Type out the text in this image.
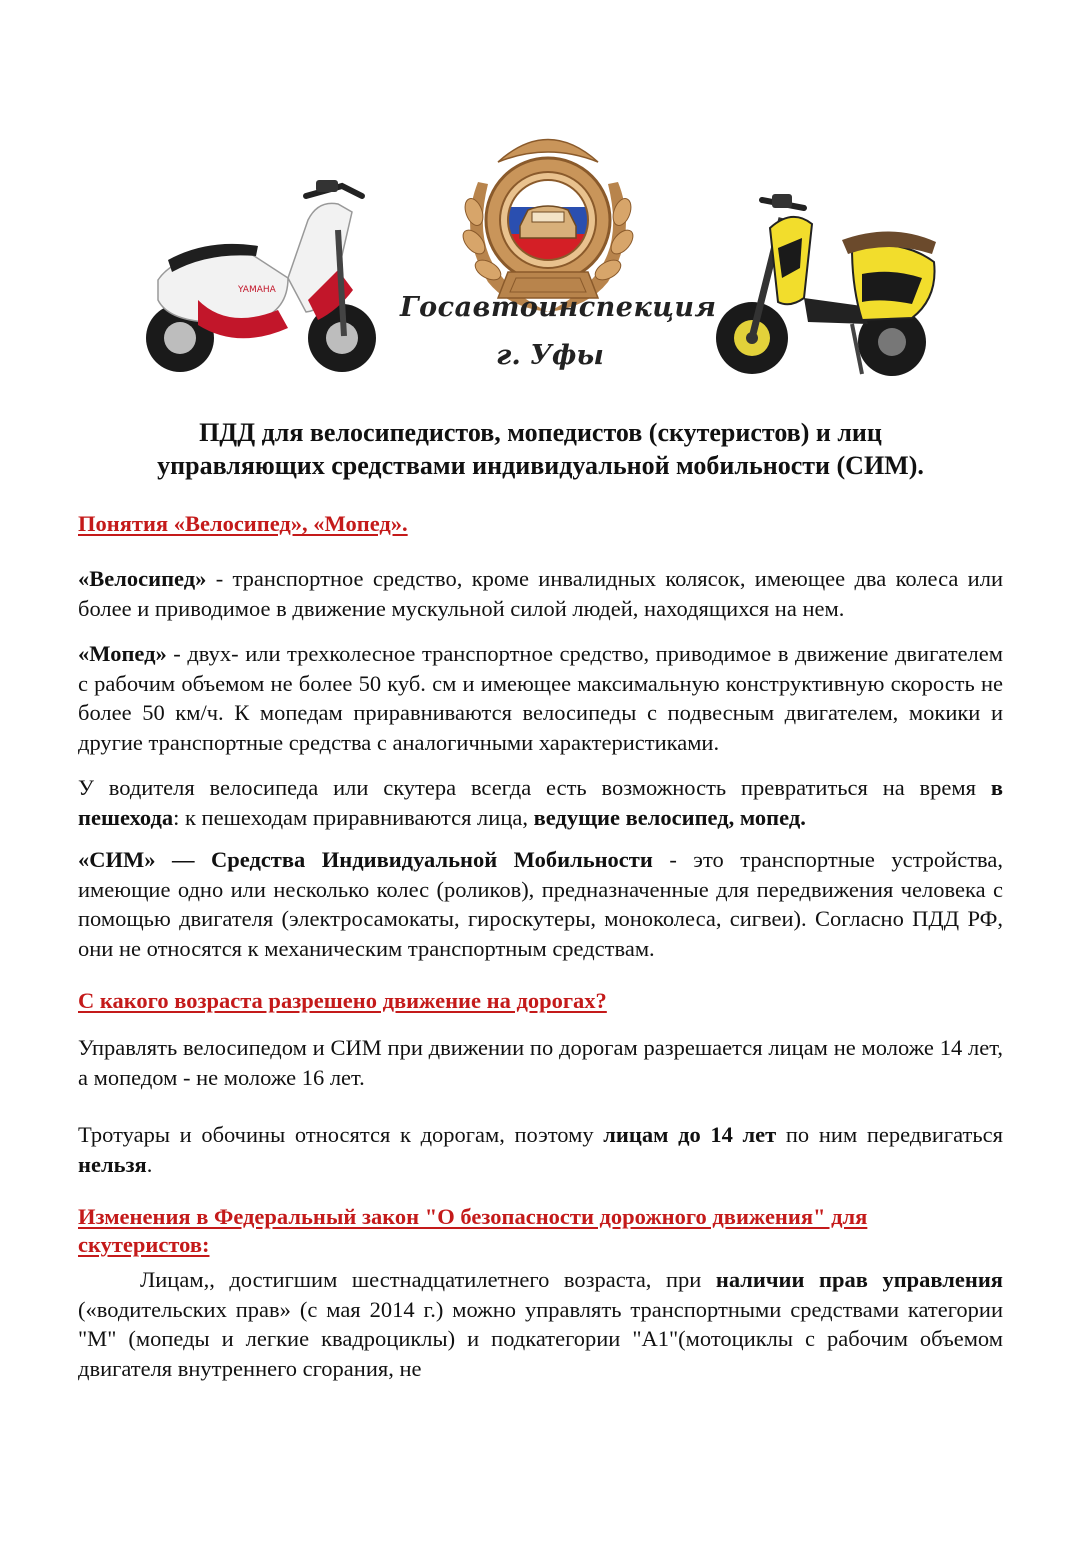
YAMAHA
Госавтоинспекция
г. Уфы
ПДД для велосипедистов, мопедистов (скутеристов) и лиц
управляющих средствами индивидуальной мобильности (СИМ).
Понятия «Велосипед», «Мопед».

«Велосипед» - транспортное средство, кроме инвалидных колясок, имеющее два колеса или более и приводимое в движение мускульной силой людей, находящихся на нем.

«Мопед» - двух- или трехколесное транспортное средство, приводимое в движение двигателем с рабочим объемом не более 50 куб. см и имеющее максимальную конструктивную скорость не более 50 км/ч. К мопедам приравниваются велосипеды с подвесным двигателем, мокики и другие транспортные средства с аналогичными характеристиками.

У водителя велосипеда или скутера всегда есть возможность превратиться на время в пешехода: к пешеходам приравниваются лица, ведущие велосипед, мопед.

«СИМ» — Средства Индивидуальной Мобильности - это транспортные устройства, имеющие одно или несколько колес (роликов), предназначенные для передвижения человека с помощью двигателя (электросамокаты, гироскутеры, моноколеса, сигвеи). Согласно ПДД РФ, они не относятся к механическим транспортным средствам.

С какого возраста разрешено движение на дорогах?

Управлять велосипедом и СИМ при движении по дорогам разрешается лицам не моложе 14 лет, а мопедом - не моложе 16 лет.

Тротуары и обочины относятся к дорогам, поэтому лицам до 14 лет по ним передвигаться нельзя.

Изменения в Федеральный закон "О безопасности дорожного движения" для скутеристов:

Лицам,, достигшим шестнадцатилетнего возраста, при наличии прав управления («водительских прав» (с мая 2014 г.) можно управлять транспортными средствами категории "М" (мопеды и легкие квадроциклы) и подкатегории "А1"(мотоциклы с рабочим объемом двигателя внутреннего сгорания, не
